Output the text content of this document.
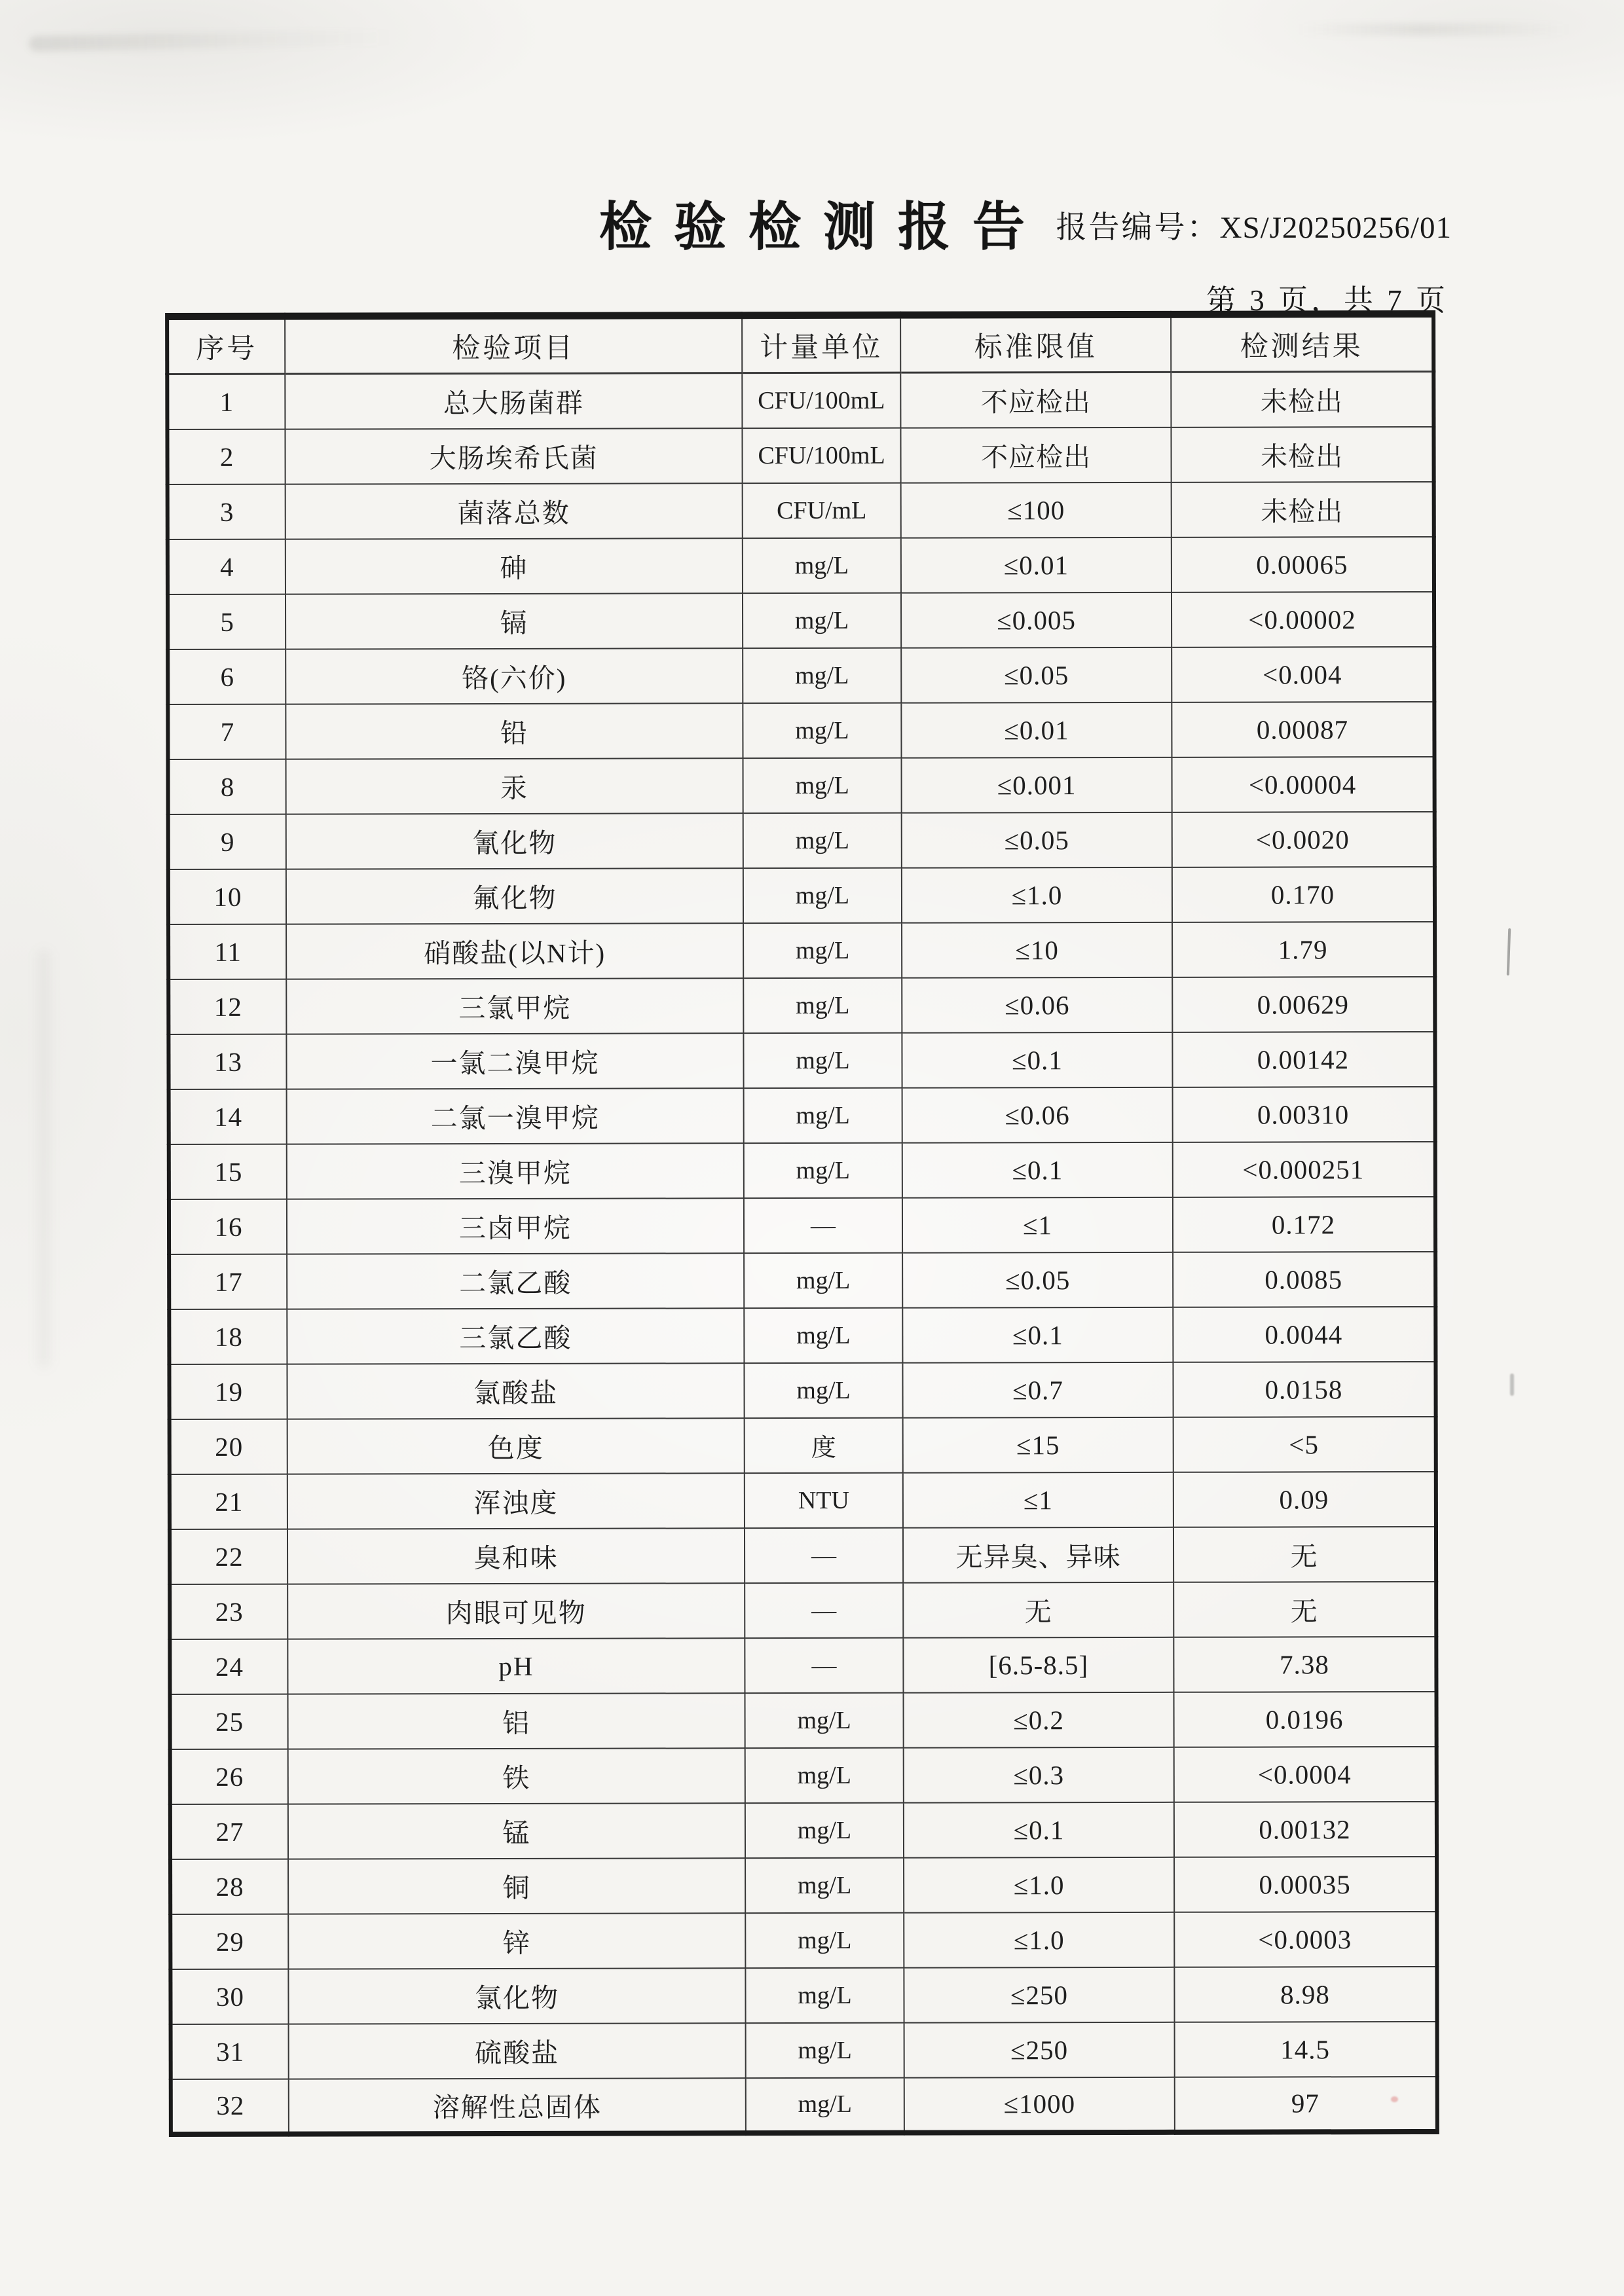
检验检测报告 报告编号：XS/J20250256/01
第 3 页，共 7 页
序号	检验项目	计量单位	标准限值	检测结果
1	总大肠菌群	CFU/100mL	不应检出	未检出
2	大肠埃希氏菌	CFU/100mL	不应检出	未检出
3	菌落总数	CFU/mL	≤100	未检出
4	砷	mg/L	≤0.01	0.00065
5	镉	mg/L	≤0.005	<0.00002
6	铬(六价)	mg/L	≤0.05	<0.004
7	铅	mg/L	≤0.01	0.00087
8	汞	mg/L	≤0.001	<0.00004
9	氰化物	mg/L	≤0.05	<0.0020
10	氟化物	mg/L	≤1.0	0.170
11	硝酸盐(以N计)	mg/L	≤10	1.79
12	三氯甲烷	mg/L	≤0.06	0.00629
13	一氯二溴甲烷	mg/L	≤0.1	0.00142
14	二氯一溴甲烷	mg/L	≤0.06	0.00310
15	三溴甲烷	mg/L	≤0.1	<0.000251
16	三卤甲烷	—	≤1	0.172
17	二氯乙酸	mg/L	≤0.05	0.0085
18	三氯乙酸	mg/L	≤0.1	0.0044
19	氯酸盐	mg/L	≤0.7	0.0158
20	色度	度	≤15	<5
21	浑浊度	NTU	≤1	0.09
22	臭和味	—	无异臭、异味	无
23	肉眼可见物	—	无	无
24	pH	—	[6.5-8.5]	7.38
25	铝	mg/L	≤0.2	0.0196
26	铁	mg/L	≤0.3	<0.0004
27	锰	mg/L	≤0.1	0.00132
28	铜	mg/L	≤1.0	0.00035
29	锌	mg/L	≤1.0	<0.0003
30	氯化物	mg/L	≤250	8.98
31	硫酸盐	mg/L	≤250	14.5
32	溶解性总固体	mg/L	≤1000	97
